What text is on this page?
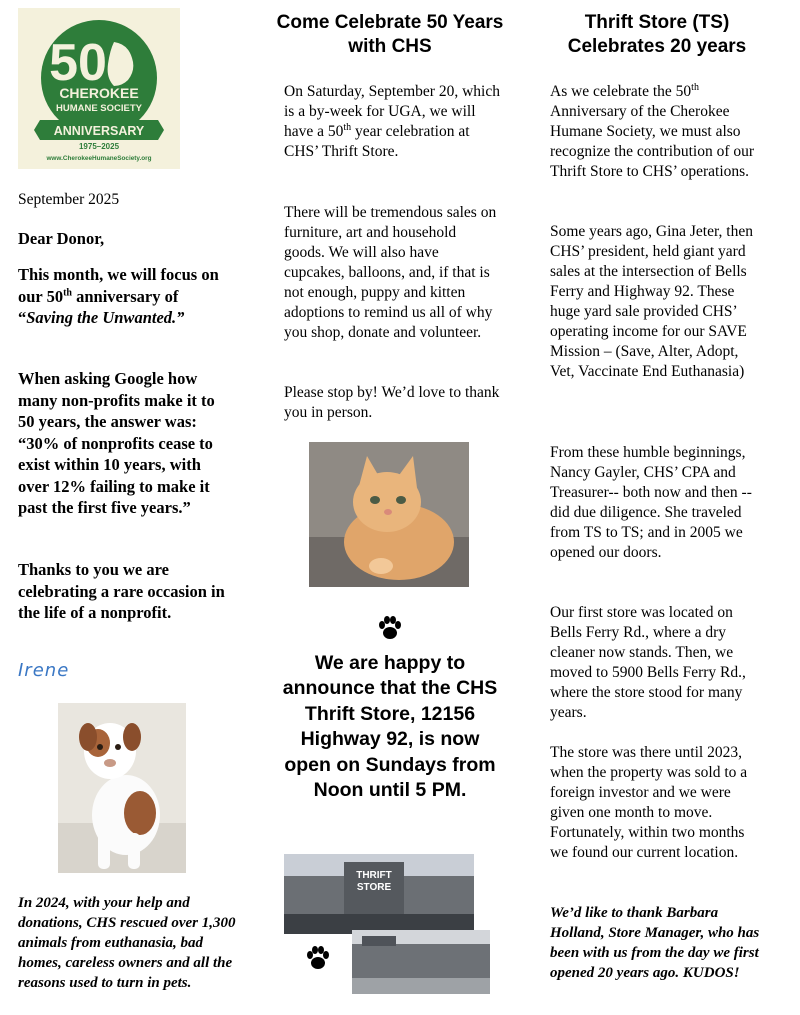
50
CHEROKEE
HUMANE SOCIETY
ANNIVERSARY
1975–2025
www.CherokeeHumaneSociety.org

September 2025

Dear Donor,

This month, we will focus on our 50th anniversary of “Saving the Unwanted.”

When asking Google how many non-profits make it to 50 years, the answer was: “30% of nonprofits cease to exist within 10 years, with over 12% failing to make it past the first five years.”

Thanks to you we are celebrating a rare occasion in the life of a nonprofit.

Irene

In 2024, with your help and donations, CHS rescued over 1,300 animals from euthanasia, bad homes, careless owners and all the reasons used to turn in pets.

Come Celebrate 50 Years with CHS

On Saturday, September 20, which is a by-week for UGA, we will have a 50th year celebration at CHS’ Thrift Store.

There will be tremendous sales on furniture, art and household goods. We will also have cupcakes, balloons, and, if that is not enough, puppy and kitten adoptions to remind us all of why you shop, donate and volunteer.

Please stop by! We’d love to thank you in person.

We are happy to announce that the CHS Thrift Store, 12156 Highway 92, is now open on Sundays from Noon until 5 PM.

THRIFT
STORE
Thrift Store (TS) Celebrates 20 years

As we celebrate the 50th Anniversary of the Cherokee Humane Society, we must also recognize the contribution of our Thrift Store to CHS’ operations.

Some years ago, Gina Jeter, then CHS’ president, held giant yard sales at the intersection of Bells Ferry and Highway 92. These huge yard sale provided CHS’ operating income for our SAVE Mission – (Save, Alter, Adopt, Vet, Vaccinate End Euthanasia)

From these humble beginnings, Nancy Gayler, CHS’ CPA and Treasurer-- both now and then -- did due diligence. She traveled from TS to TS; and in 2005 we opened our doors.

Our first store was located on Bells Ferry Rd., where a dry cleaner now stands. Then, we moved to 5900 Bells Ferry Rd., where the store stood for many years.

The store was there until 2023, when the property was sold to a foreign investor and we were given one month to move. Fortunately, within two months we found our current location.

We’d like to thank Barbara Holland, Store Manager, who has been with us from the day we first opened 20 years ago. KUDOS!
